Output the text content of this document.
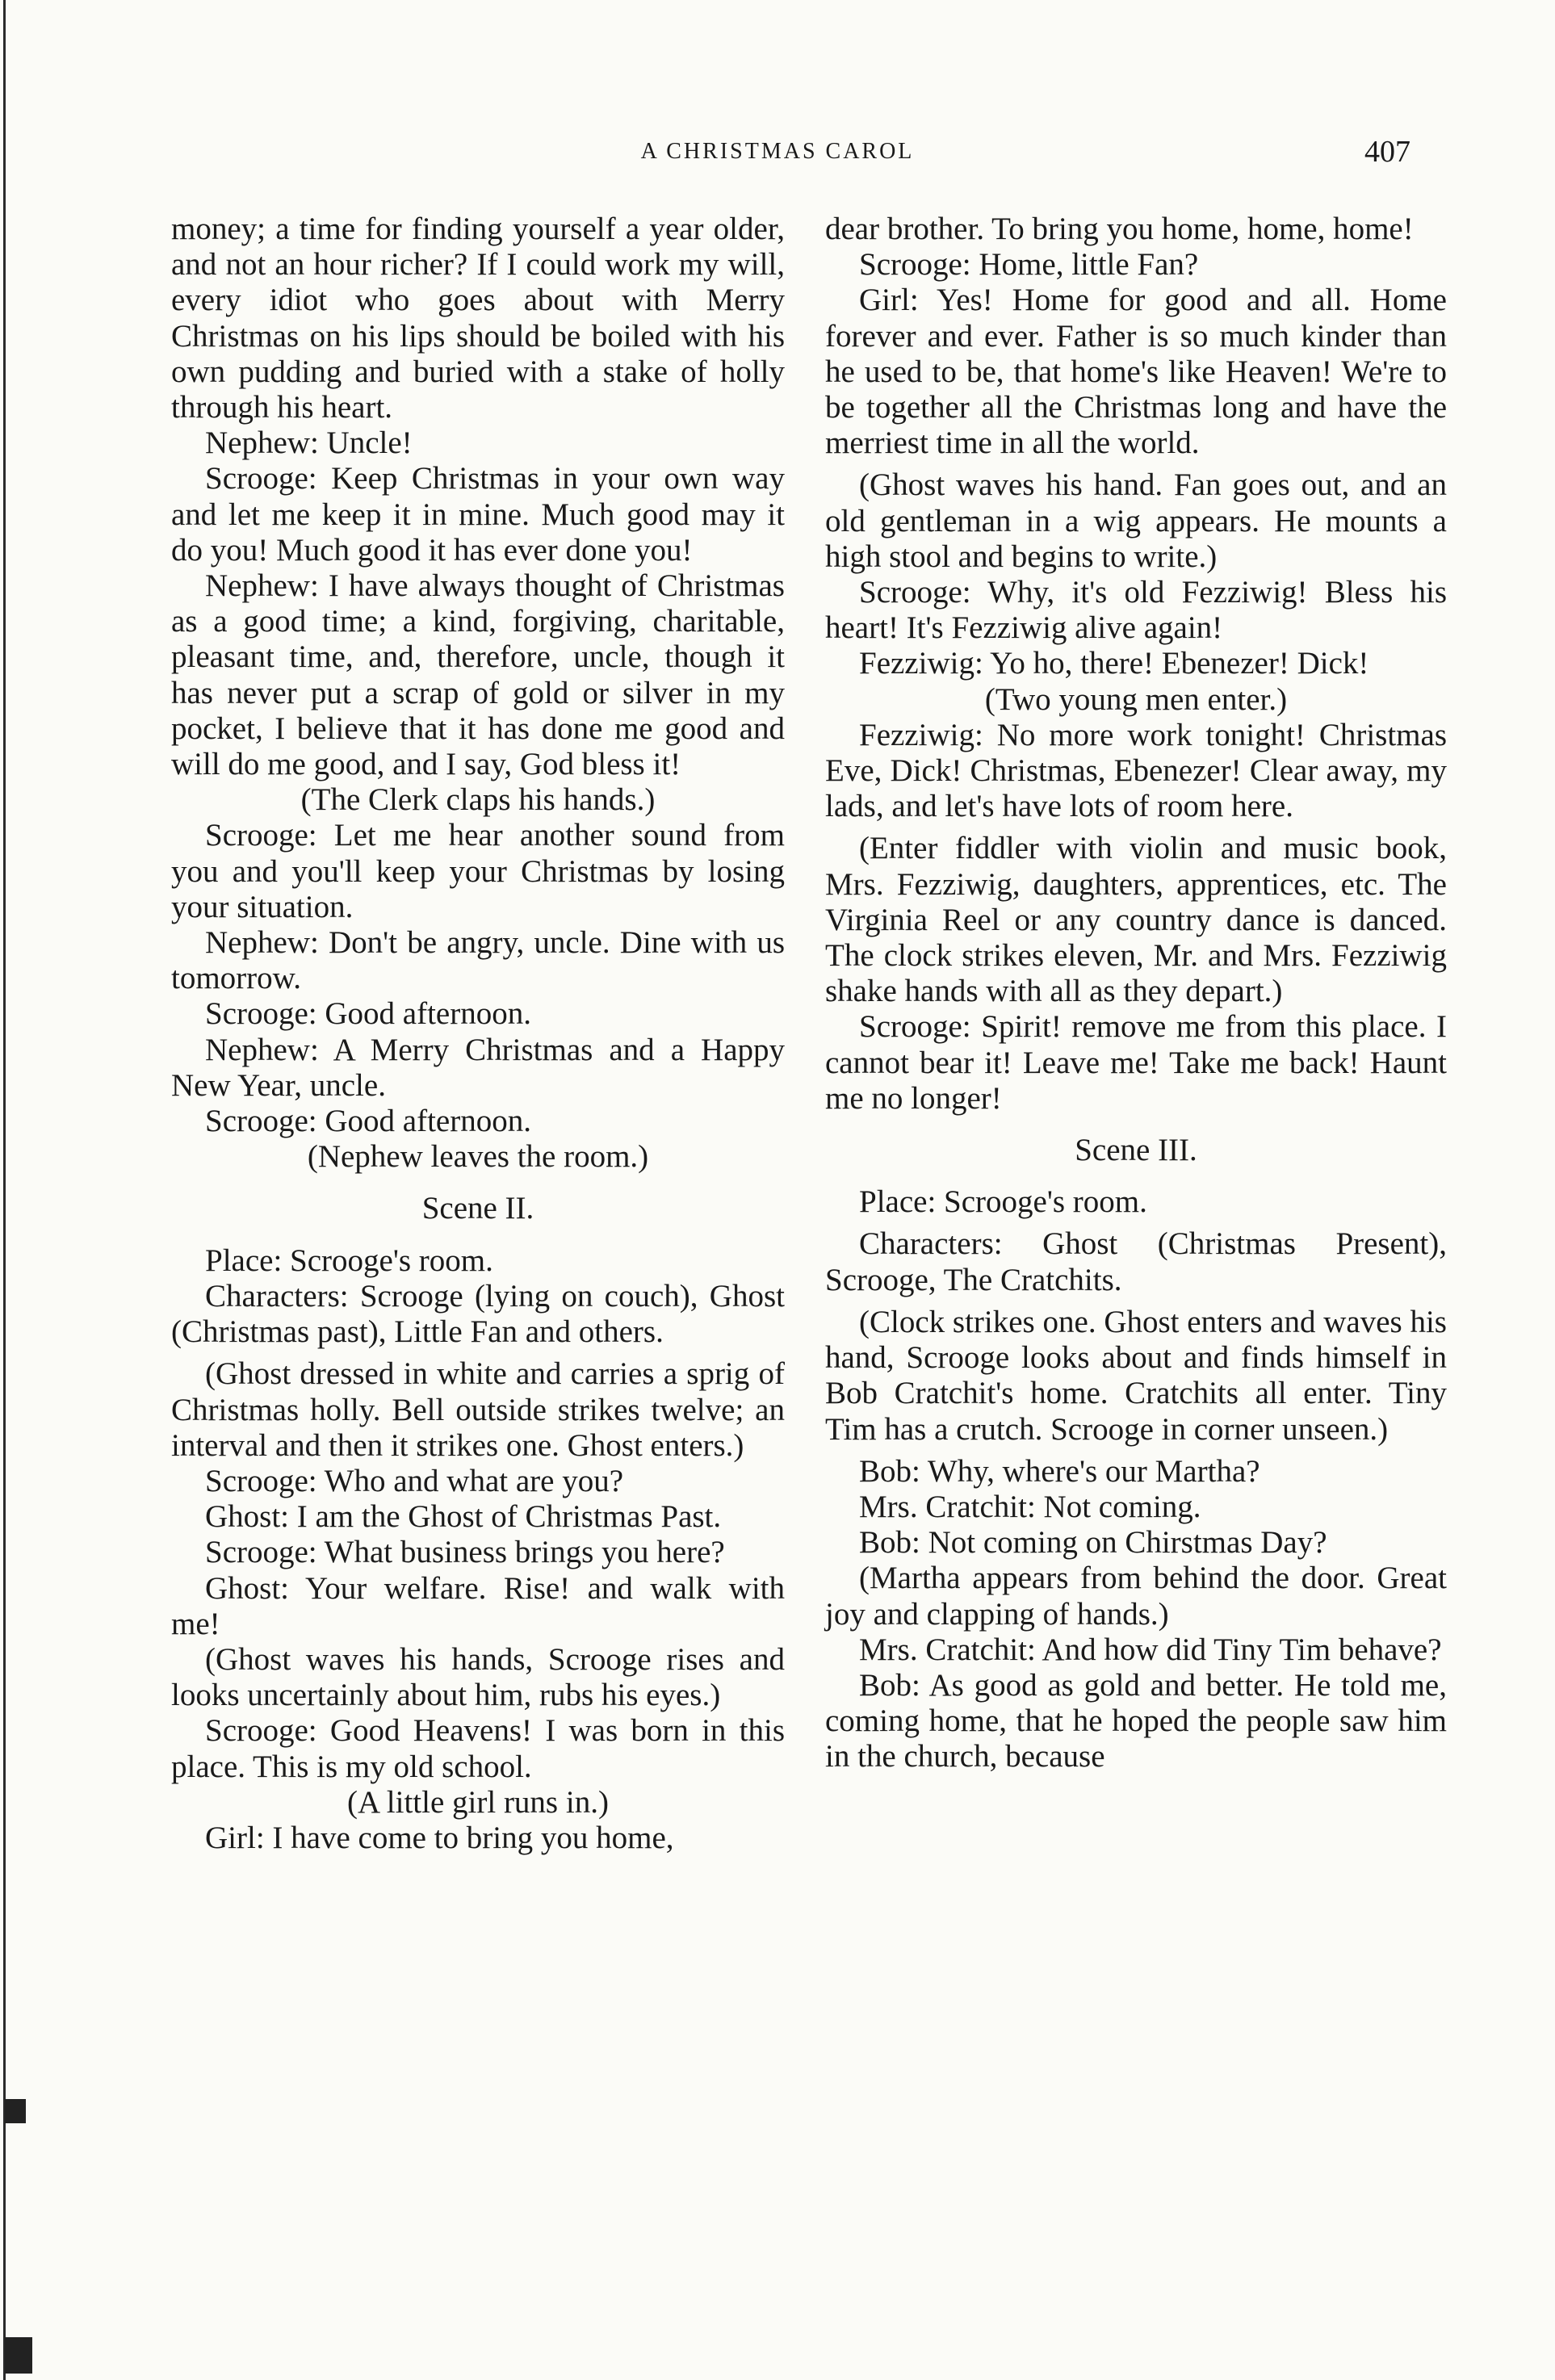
A CHRISTMAS CAROL	407

money; a time for finding yourself a year older, and not an hour richer? If I could work my will, every idiot who goes about with Merry Christmas on his lips should be boiled with his own pudding and buried with a stake of holly through his heart.

Nephew: Uncle!

Scrooge: Keep Christmas in your own way and let me keep it in mine. Much good may it do you! Much good it has ever done you!

Nephew: I have always thought of Christmas as a good time; a kind, forgiving, charitable, pleasant time, and, therefore, uncle, though it has never put a scrap of gold or silver in my pocket, I believe that it has done me good and will do me good, and I say, God bless it!

(The Clerk claps his hands.)

Scrooge: Let me hear another sound from you and you'll keep your Christmas by losing your situation.

Nephew: Don't be angry, uncle. Dine with us tomorrow.

Scrooge: Good afternoon.

Nephew: A Merry Christmas and a Happy New Year, uncle.

Scrooge: Good afternoon.

(Nephew leaves the room.)

Scene II.

Place: Scrooge's room.

Characters: Scrooge (lying on couch), Ghost (Christmas past), Little Fan and others.

(Ghost dressed in white and carries a sprig of Christmas holly. Bell outside strikes twelve; an interval and then it strikes one. Ghost enters.)

Scrooge: Who and what are you?

Ghost: I am the Ghost of Christmas Past.

Scrooge: What business brings you here?

Ghost: Your welfare. Rise! and walk with me!

(Ghost waves his hands, Scrooge rises and looks uncertainly about him, rubs his eyes.)

Scrooge: Good Heavens! I was born in this place. This is my old school.

(A little girl runs in.)

Girl: I have come to bring you home,

dear brother. To bring you home, home, home!

Scrooge: Home, little Fan?

Girl: Yes! Home for good and all. Home forever and ever. Father is so much kinder than he used to be, that home's like Heaven! We're to be together all the Christmas long and have the merriest time in all the world.

(Ghost waves his hand. Fan goes out, and an old gentleman in a wig appears. He mounts a high stool and begins to write.)

Scrooge: Why, it's old Fezziwig! Bless his heart! It's Fezziwig alive again!

Fezziwig: Yo ho, there! Ebenezer! Dick!

(Two young men enter.)

Fezziwig: No more work tonight! Christmas Eve, Dick! Christmas, Ebenezer! Clear away, my lads, and let's have lots of room here.

(Enter fiddler with violin and music book, Mrs. Fezziwig, daughters, apprentices, etc. The Virginia Reel or any country dance is danced. The clock strikes eleven, Mr. and Mrs. Fezziwig shake hands with all as they depart.)

Scrooge: Spirit! remove me from this place. I cannot bear it! Leave me! Take me back! Haunt me no longer!

Scene III.

Place: Scrooge's room.

Characters: Ghost (Christmas Present), Scrooge, The Cratchits.

(Clock strikes one. Ghost enters and waves his hand, Scrooge looks about and finds himself in Bob Cratchit's home. Cratchits all enter. Tiny Tim has a crutch. Scrooge in corner unseen.)

Bob: Why, where's our Martha?

Mrs. Cratchit: Not coming.

Bob: Not coming on Chirstmas Day?

(Martha appears from behind the door. Great joy and clapping of hands.)

Mrs. Cratchit: And how did Tiny Tim behave?

Bob: As good as gold and better. He told me, coming home, that he hoped the people saw him in the church, because
